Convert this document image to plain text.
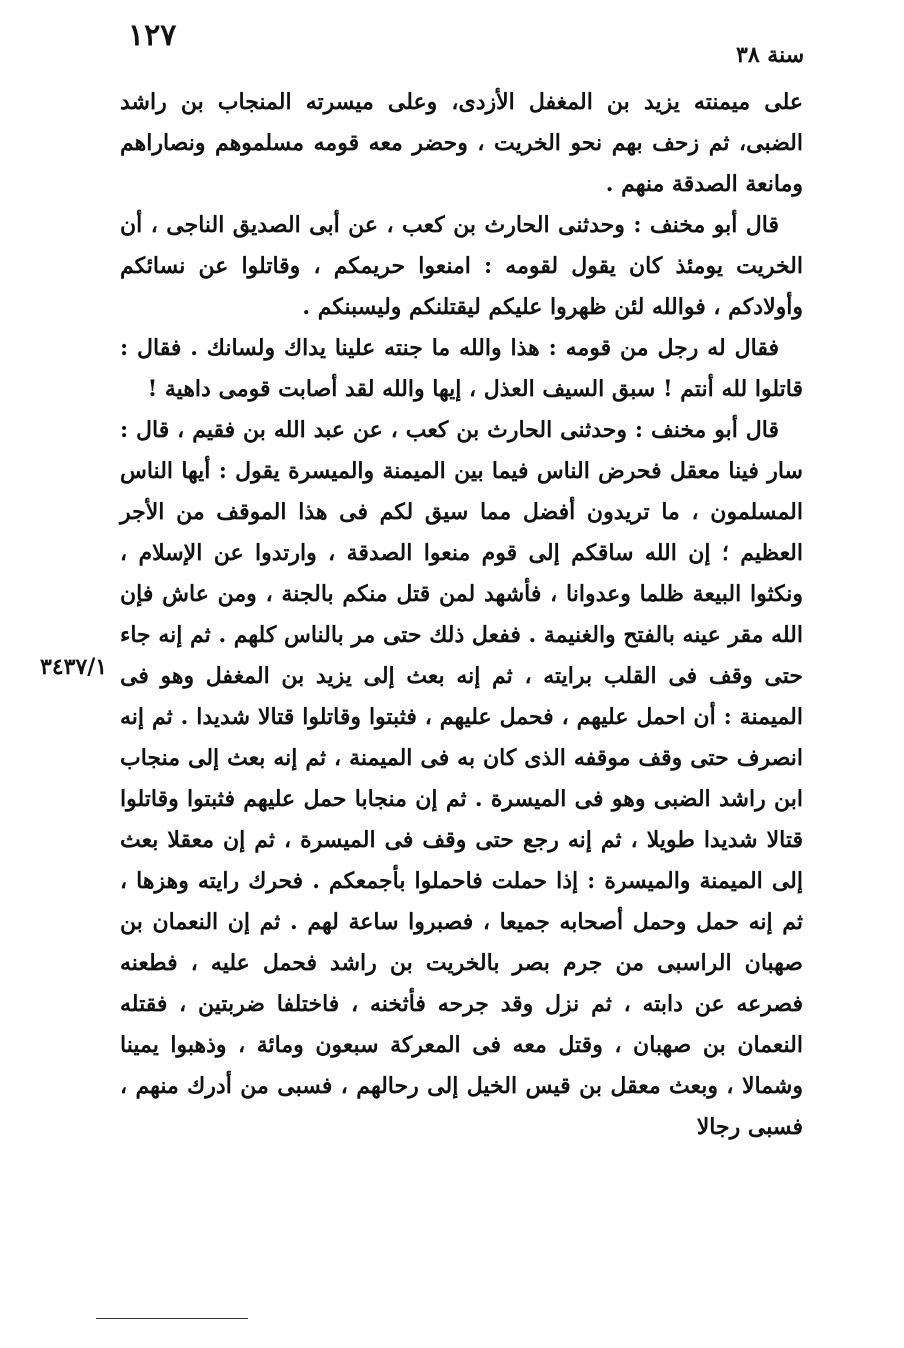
١٢٧
سنة ٣٨
٣٤٣٧/١

على ميمنته يزيد بن المغفل الأزدى، وعلى ميسرته المنجاب بن راشد الضبى، ثم زحف بهم نحو الخريت ، وحضر معه قومه مسلموهم ونصاراهم ومانعة الصدقة منهم .

قال أبو مخنف : وحدثنى الحارث بن كعب ، عن أبى الصديق الناجى ، أن الخريت يومئذ كان يقول لقومه : امنعوا حريمكم ، وقاتلوا عن نسائكم وأولادكم ، فوالله لئن ظهروا عليكم ليقتلنكم وليسبنكم .

فقال له رجل من قومه : هذا والله ما جنته علينا يداك ولسانك . فقال : قاتلوا لله أنتم ! سبق السيف العذل ، إيها والله لقد أصابت قومى داهية !

قال أبو مخنف : وحدثنى الحارث بن كعب ، عن عبد الله بن فقيم ، قال : سار فينا معقل فحرض الناس فيما بين الميمنة والميسرة يقول : أيها الناس المسلمون ، ما تريدون أفضل مما سيق لكم فى هذا الموقف من الأجر العظيم ؛ إن الله ساقكم إلى قوم منعوا الصدقة ، وارتدوا عن الإسلام ، ونكثوا البيعة ظلما وعدوانا ، فأشهد لمن قتل منكم بالجنة ، ومن عاش فإن الله مقر عينه بالفتح والغنيمة . ففعل ذلك حتى مر بالناس كلهم . ثم إنه جاء حتى وقف فى القلب برايته ، ثم إنه بعث إلى يزيد بن المغفل وهو فى الميمنة : أن احمل عليهم ، فحمل عليهم ، فثبتوا وقاتلوا قتالا شديدا . ثم إنه انصرف حتى وقف موقفه الذى كان به فى الميمنة ، ثم إنه بعث إلى منجاب ابن راشد الضبى وهو فى الميسرة . ثم إن منجابا حمل عليهم فثبتوا وقاتلوا قتالا شديدا طويلا ، ثم إنه رجع حتى وقف فى الميسرة ، ثم إن معقلا بعث إلى الميمنة والميسرة : إذا حملت فاحملوا بأجمعكم . فحرك رايته وهزها ، ثم إنه حمل وحمل أصحابه جميعا ، فصبروا ساعة لهم . ثم إن النعمان بن صهبان الراسبى من جرم بصر بالخريت بن راشد فحمل عليه ، فطعنه فصرعه عن دابته ، ثم نزل وقد جرحه فأثخنه ، فاختلفا ضربتين ، فقتله النعمان بن صهبان ، وقتل معه فى المعركة سبعون ومائة ، وذهبوا يمينا وشمالا ، وبعث معقل بن قيس الخيل إلى رحالهم ، فسبى من أدرك منهم ، فسبى رجالا
